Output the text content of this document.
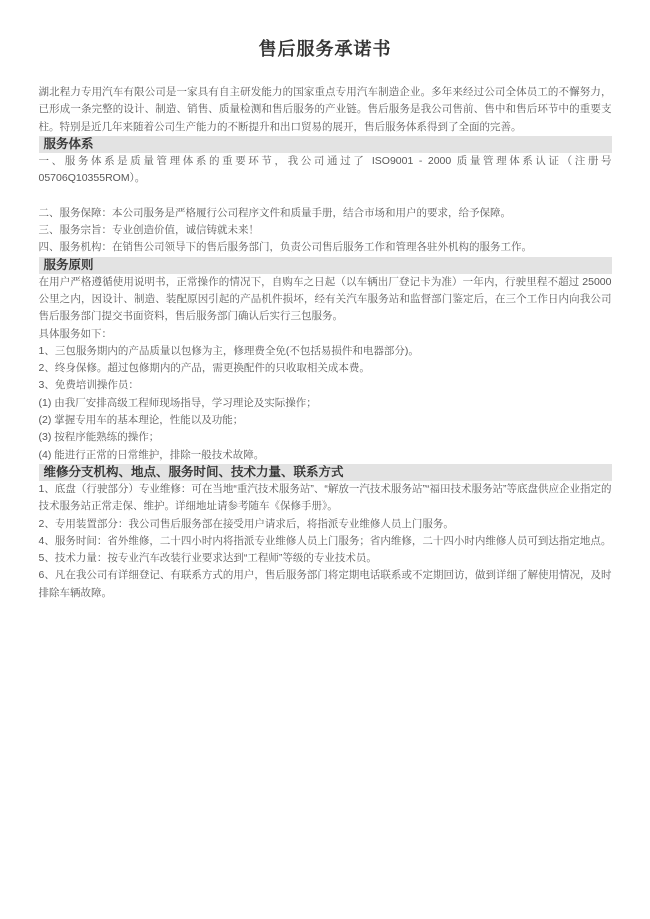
售后服务承诺书
湖北程力专用汽车有限公司是一家具有自主研发能力的国家重点专用汽车制造企业。多年来经过公司全体员工的不懈努力，已形成一条完整的设计、制造、销售、质量检测和售后服务的产业链。售后服务是我公司售前、售中和售后环节中的重要支柱。特别是近几年来随着公司生产能力的不断提升和出口贸易的展开，售后服务体系得到了全面的完善。
服务体系
一、服务体系是质量管理体系的重要环节，我公司通过了 ISO9001 - 2000 质量管理体系认证（注册号 05706Q10355ROM）。
二、服务保障：本公司服务是严格履行公司程序文件和质量手册，结合市场和用户的要求，给予保障。
三、服务宗旨：专业创造价值，诚信铸就未来！
四、服务机构：在销售公司领导下的售后服务部门，负责公司售后服务工作和管理各驻外机构的服务工作。
服务原则
在用户严格遵循使用说明书，正常操作的情况下，自购车之日起（以车辆出厂登记卡为准）一年内，行驶里程不超过 25000 公里之内，因设计、制造、装配原因引起的产品机件损坏，经有关汽车服务站和监督部门鉴定后，在三个工作日内向我公司售后服务部门提交书面资料，售后服务部门确认后实行三包服务。
具体服务如下：
1、三包服务期内的产品质量以包修为主，修理费全免(不包括易损件和电器部分)。
2、终身保修。超过包修期内的产品，需更换配件的只收取相关成本费。
3、免费培训操作员：
(1) 由我厂安排高级工程师现场指导，学习理论及实际操作；
(2) 掌握专用车的基本理论，性能以及功能；
(3) 按程序能熟练的操作；
(4) 能进行正常的日常维护，排除一般技术故障。
维修分支机构、地点、服务时间、技术力量、联系方式
1、底盘（行驶部分）专业维修：可在当地“重汽技术服务站”、“解放一汽技术服务站”“福田技术服务站”等底盘供应企业指定的技术服务站正常走保、维护。详细地址请参考随车《保修手册》。
2、专用装置部分：我公司售后服务部在接受用户请求后，将指派专业维修人员上门服务。
4、服务时间：省外维修，二十四小时内将指派专业维修人员上门服务；省内维修，二十四小时内维修人员可到达指定地点。
5、技术力量：按专业汽车改装行业要求达到“工程师”等级的专业技术员。
6、凡在我公司有详细登记、有联系方式的用户，售后服务部门将定期电话联系或不定期回访，做到详细了解使用情况，及时排除车辆故障。
